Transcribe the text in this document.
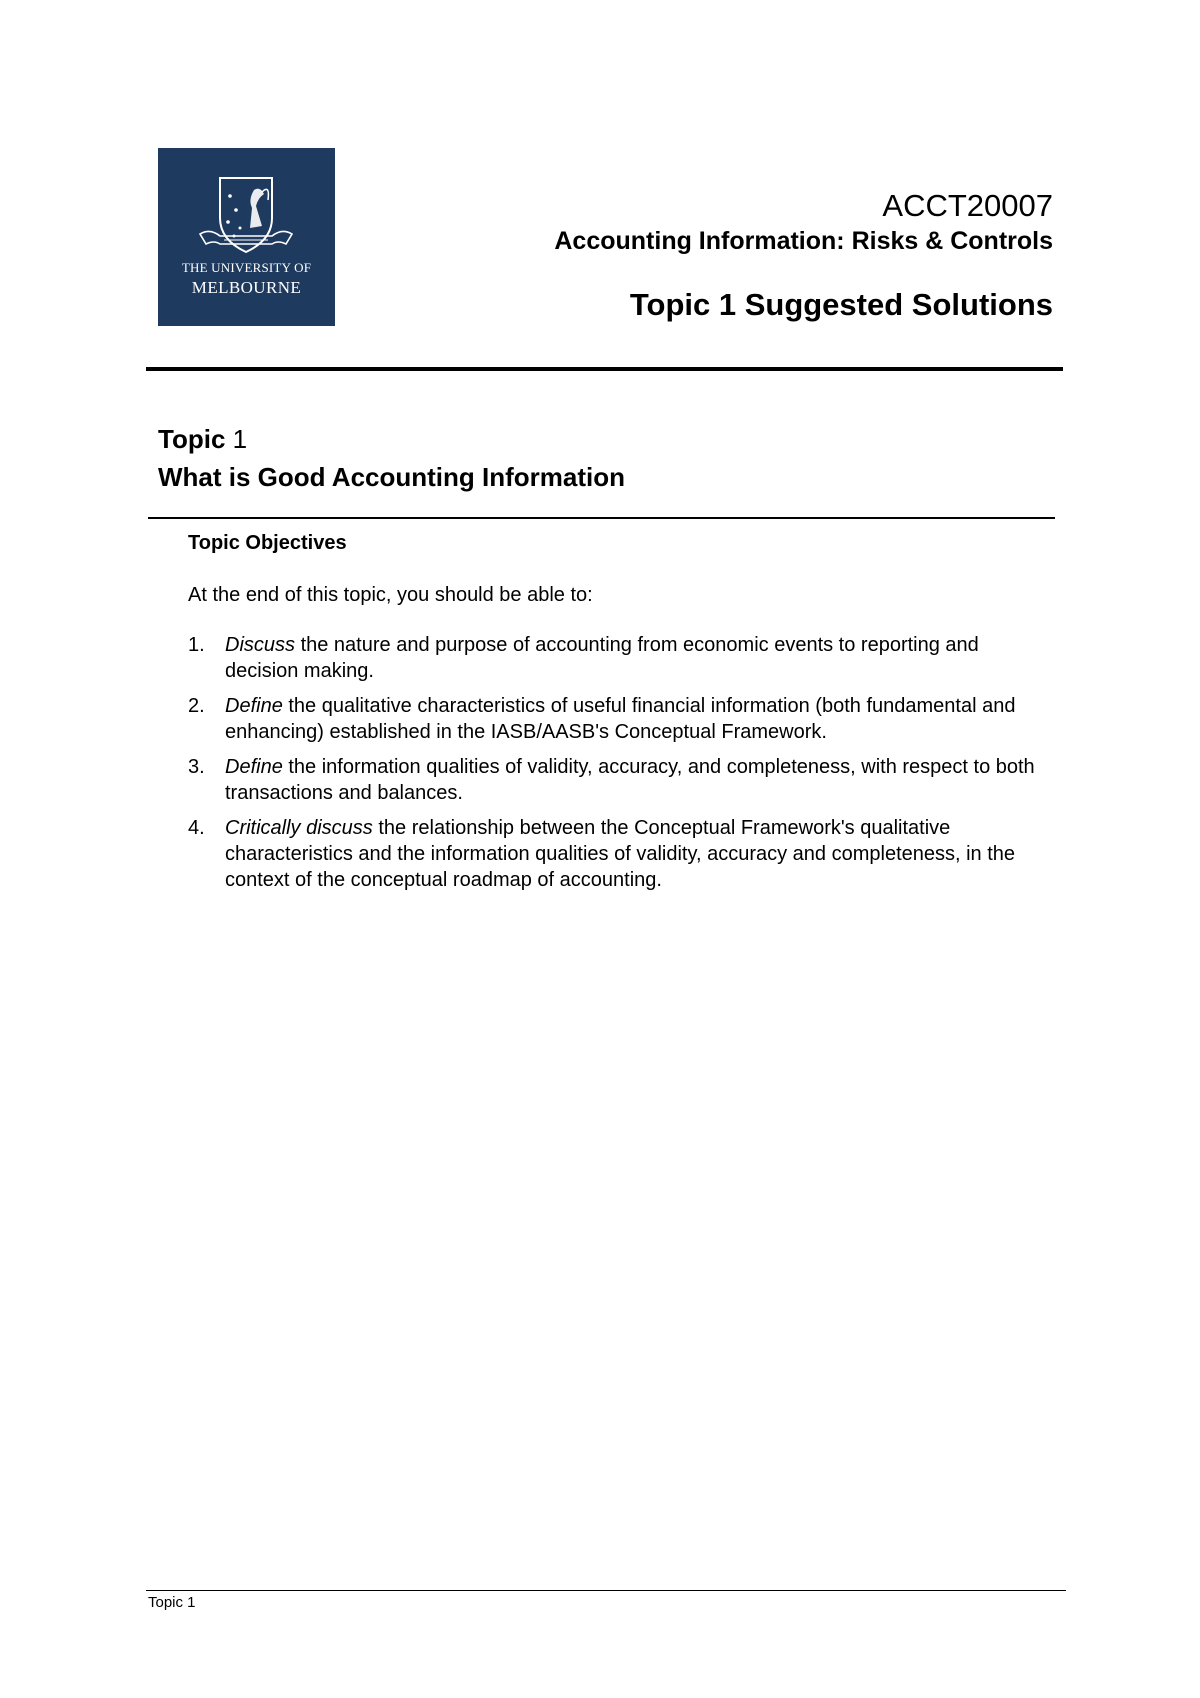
THE UNIVERSITY OF
MELBOURNE
ACCT20007
Accounting Information: Risks & Controls
Topic 1 Suggested Solutions
Topic 1
What is Good Accounting Information
Topic Objectives
At the end of this topic, you should be able to:
1. Discuss the nature and purpose of accounting from economic events to reporting and decision making.
2. Define the qualitative characteristics of useful financial information (both fundamental and enhancing) established in the IASB/AASB's Conceptual Framework.
3. Define the information qualities of validity, accuracy, and completeness, with respect to both transactions and balances.
4. Critically discuss the relationship between the Conceptual Framework's qualitative characteristics and the information qualities of validity, accuracy and completeness, in the context of the conceptual roadmap of accounting.
Topic 1
